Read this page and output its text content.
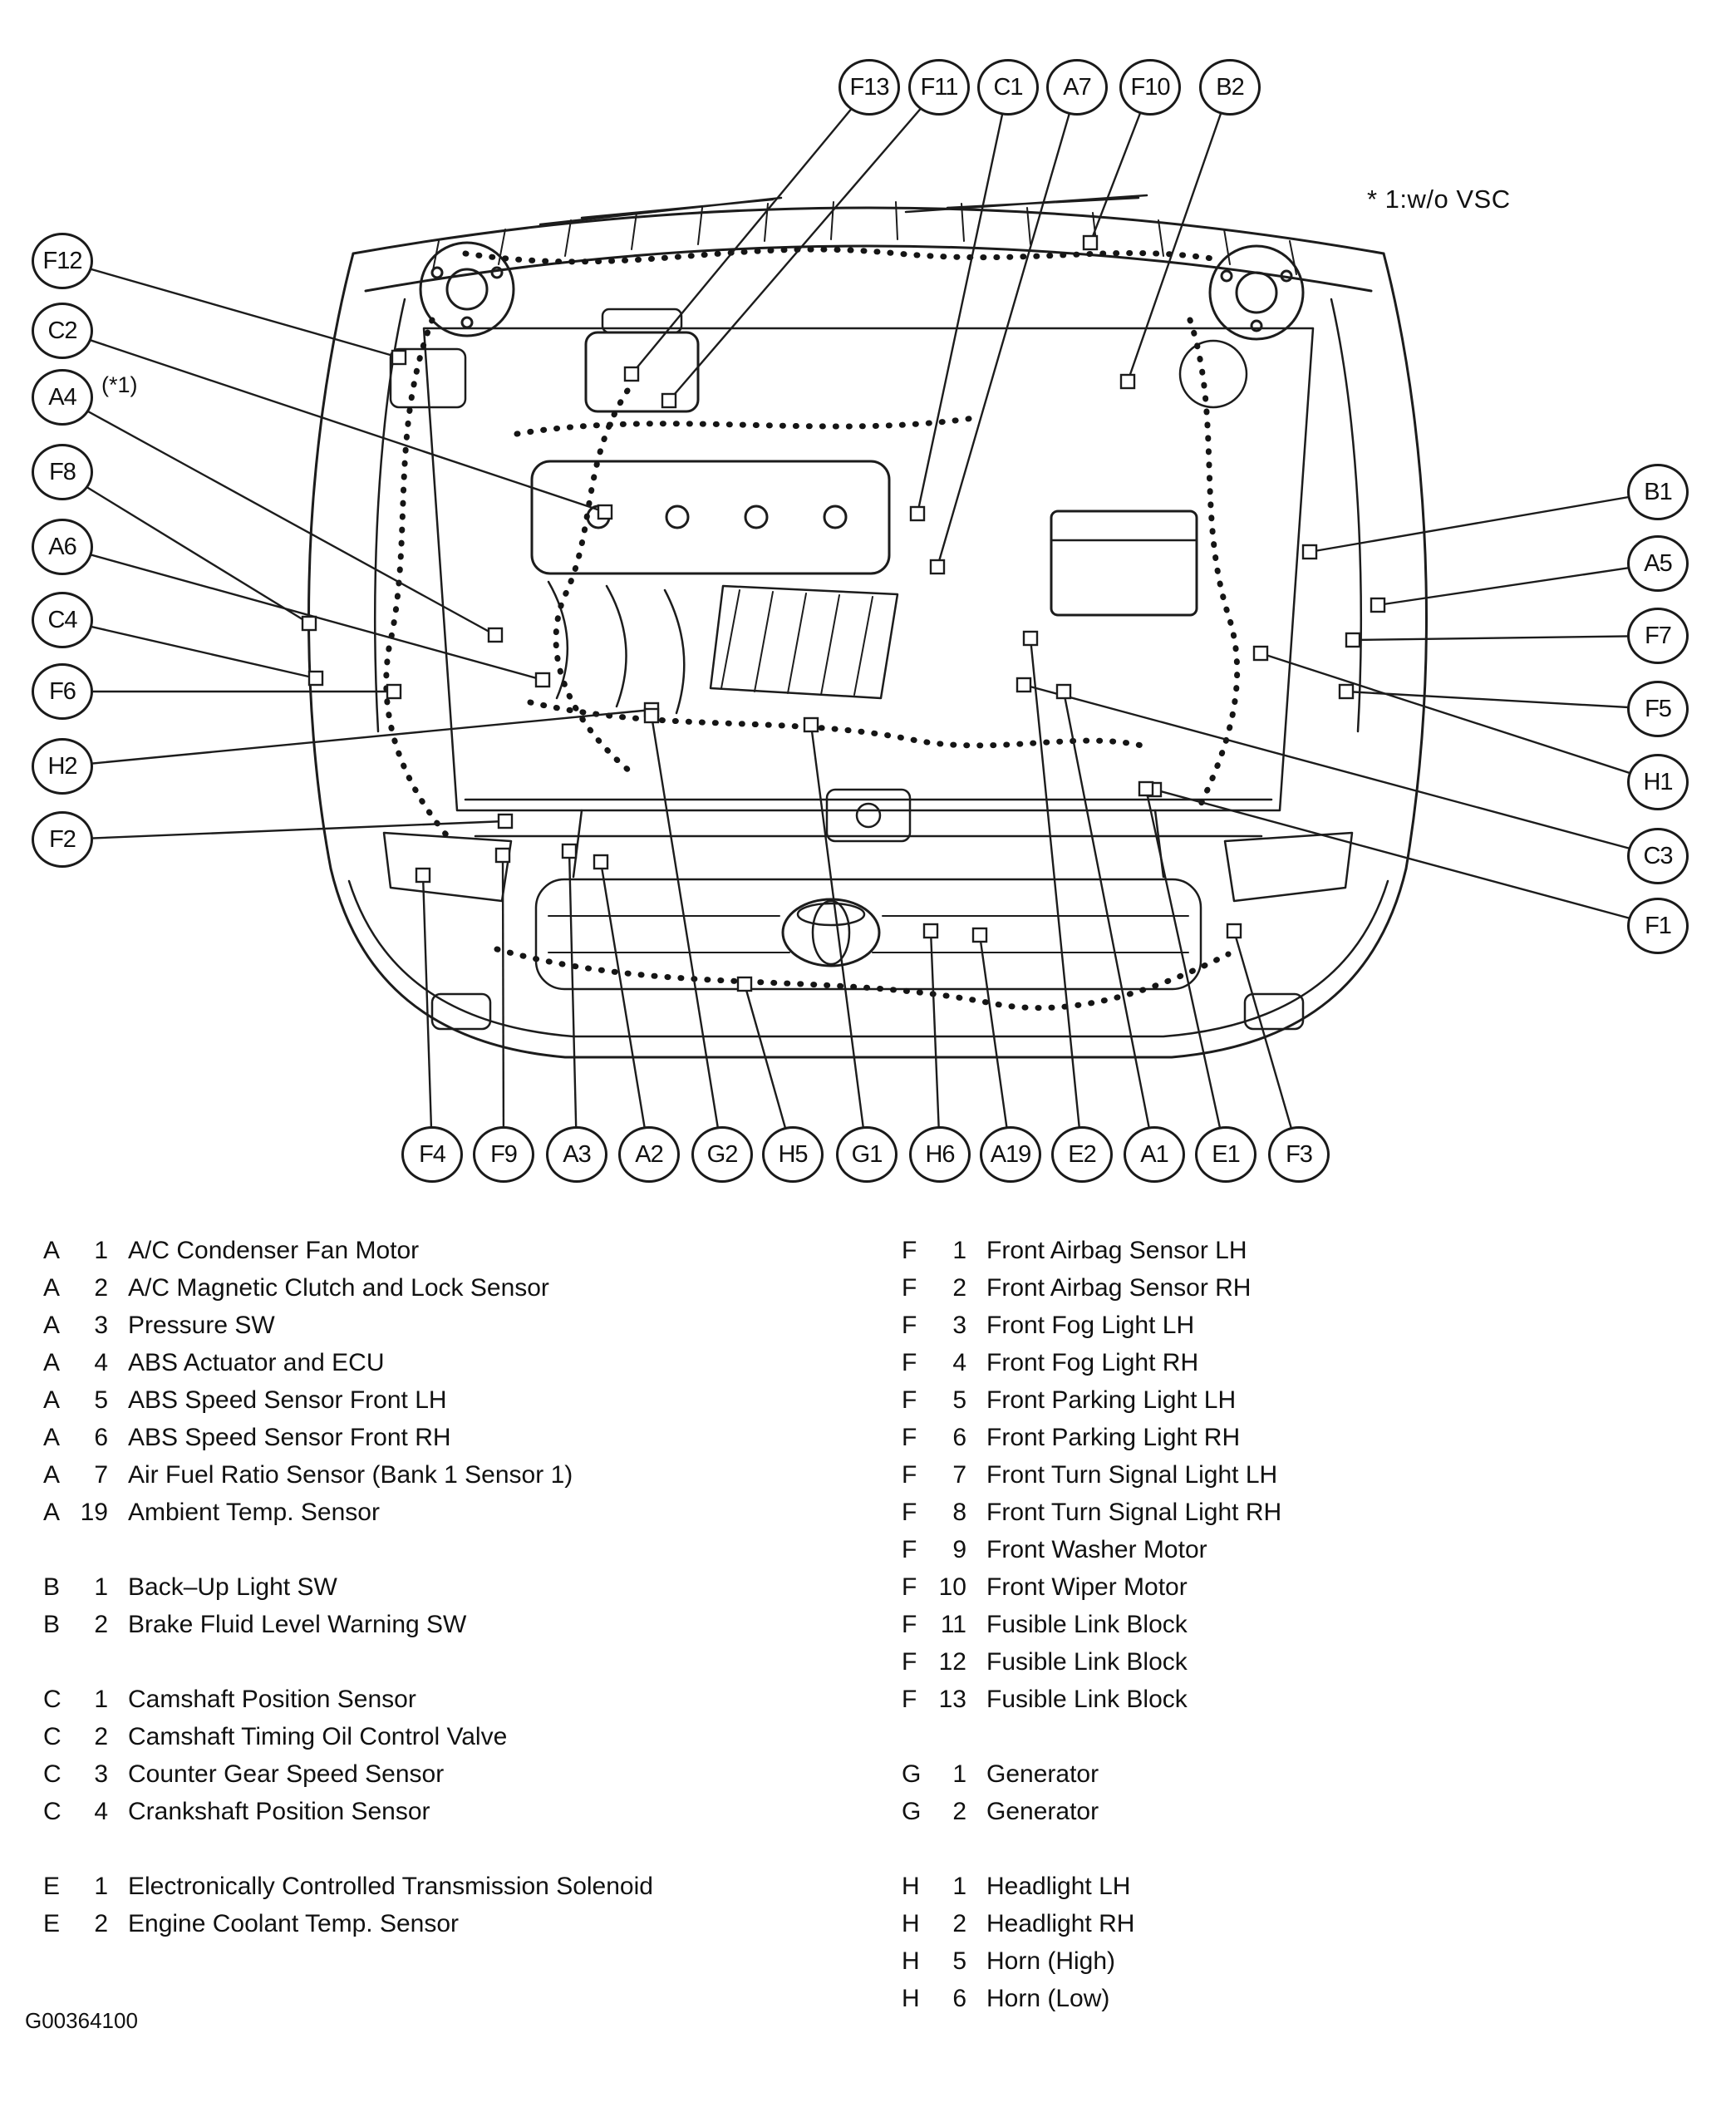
F13	F11	C1	A7	F10	B2
F12
C2
A4
F8
A6
C4
F6
H2
F2
B1
A5
F7
F5
H1
C3
F1
F4	F9	A3	A2	G2	H5	G1	H6	A19	E2	A1	E1	F3
* 1:w/o VSC
(*1)
G00364100
A	1 A/C Condenser Fan Motor
A	2 A/C Magnetic Clutch and Lock Sensor
A	3 Pressure SW
A	4 ABS Actuator and ECU
A	5 ABS Speed Sensor Front LH
A	6 ABS Speed Sensor Front RH
A	7 Air Fuel Ratio Sensor (Bank 1 Sensor 1)
A 19 Ambient Temp. Sensor
B	1 Back–Up Light SW
B	2 Brake Fluid Level Warning SW
C	1 Camshaft Position Sensor
C	2 Camshaft Timing Oil Control Valve
C	3 Counter Gear Speed Sensor
C	4 Crankshaft Position Sensor
E	1 Electronically Controlled Transmission Solenoid
E	2 Engine Coolant Temp. Sensor
F	1 Front Airbag Sensor LH
F	2 Front Airbag Sensor RH
F	3 Front Fog Light LH
F	4 Front Fog Light RH
F	5 Front Parking Light LH
F	6 Front Parking Light RH
F	7 Front Turn Signal Light LH
F	8 Front Turn Signal Light RH
F	9 Front Washer Motor
F 10 Front Wiper Motor
F 11 Fusible Link Block
F 12 Fusible Link Block
F 13 Fusible Link Block
G	1 Generator
G	2 Generator
H	1 Headlight LH
H	2 Headlight RH
H	5 Horn (High)
H	6 Horn (Low)
